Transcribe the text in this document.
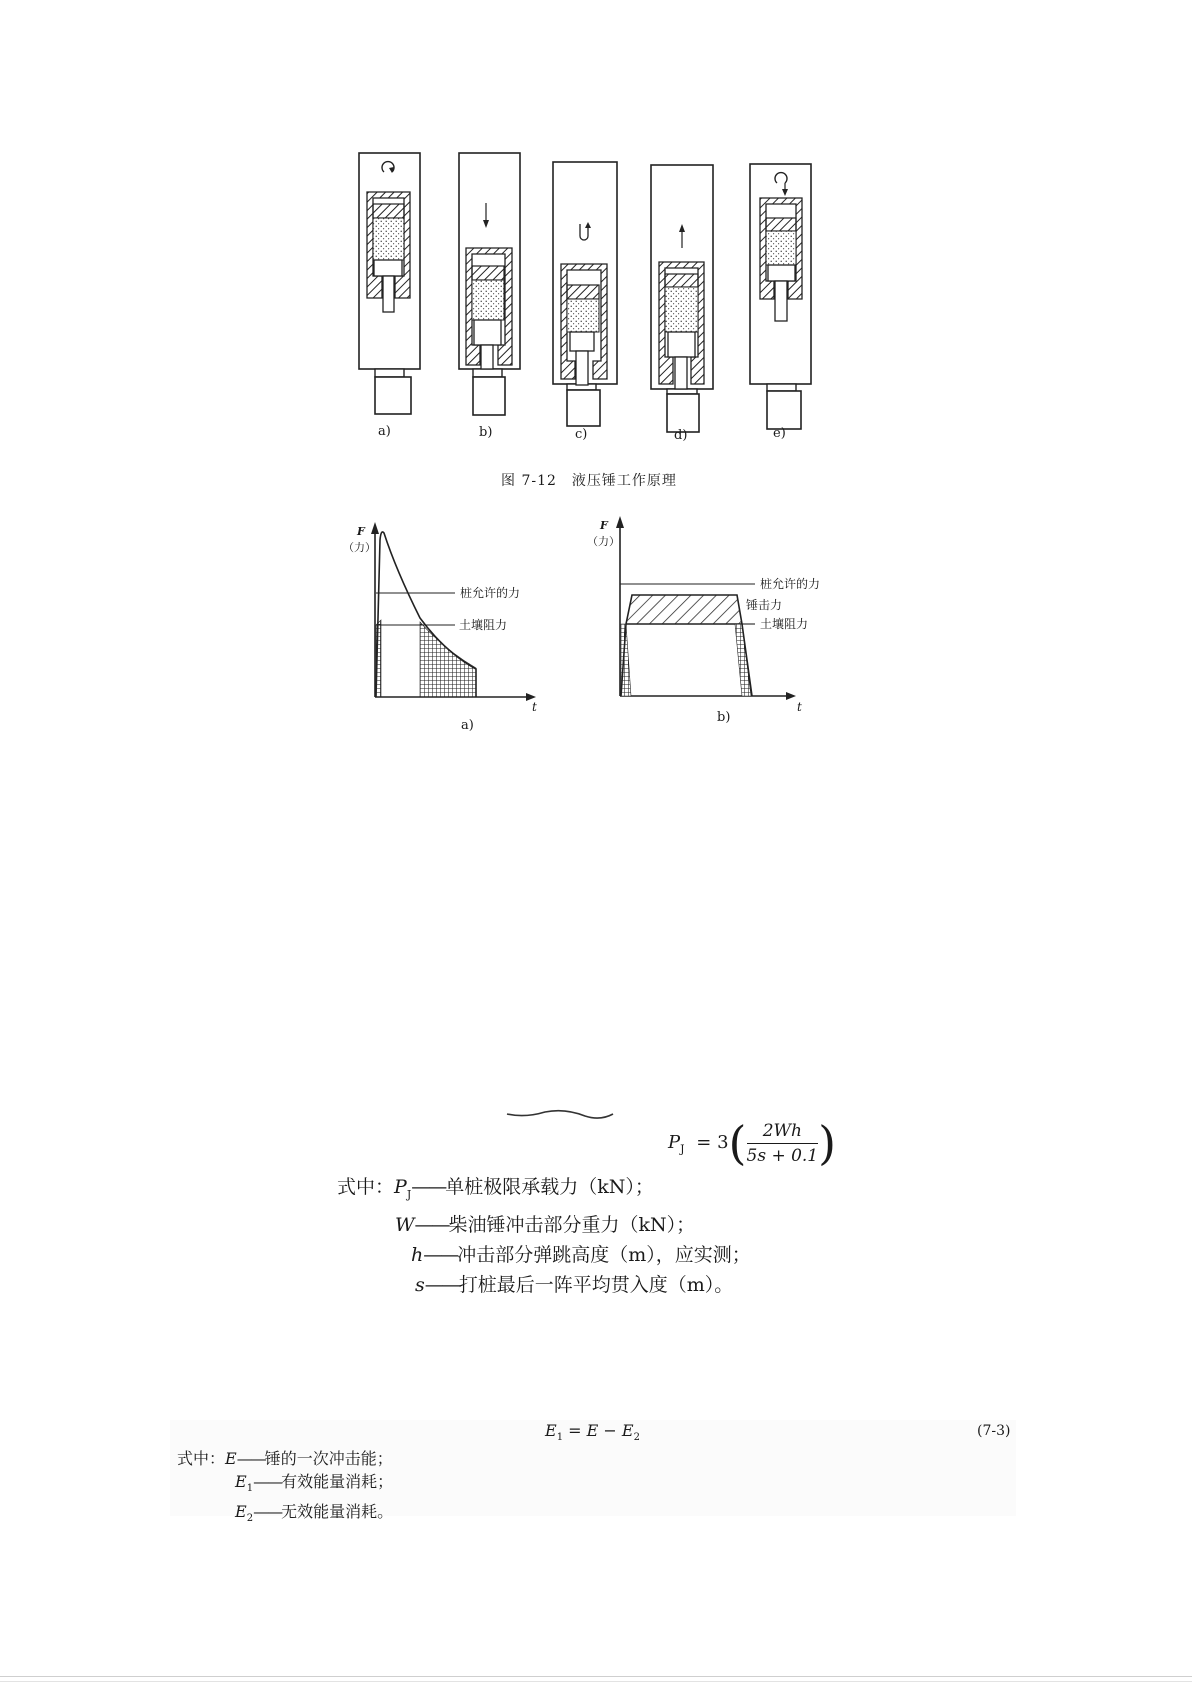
a)	b)	c)	d)	e)
图 7-12　液压锤工作原理
F
（力）
t
桩允许的力
土壤阻力
a)
F
（力）
t
桩允许的力
锤击力
土壤阻力
b)
$P_J = 3( \frac{2Wh}{5s + 0.1}$ )
式中：$P_J——$单桩极限承载力（kN）；
W——柴油锤冲击部分重力（kN）；
h——冲击部分弹跳高度（m），应实测；
s——打桩最后一阵平均贯入度（m）。
$E_1 = E - E_2$	(7-3)
式中：E——锤的一次冲击能；
$E_1——$有效能量消耗；
$E_2——$无效能量消耗。
